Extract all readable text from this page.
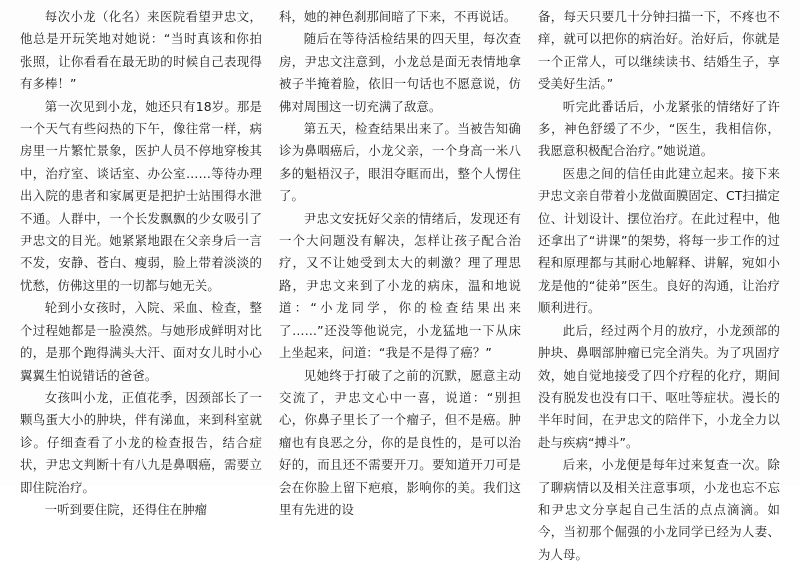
每次小龙（化名）来医院看望尹忠文，他总是开玩笑地对她说：“当时真该和你拍张照，让你看看在最无助的时候自己表现得有多棒！”

第一次见到小龙，她还只有18岁。那是一个天气有些闷热的下午，像往常一样，病房里一片繁忙景象，医护人员不停地穿梭其中，治疗室、谈话室、办公室……等待办理出入院的患者和家属更是把护士站围得水泄不通。人群中，一个长发飘飘的少女吸引了尹忠文的目光。她紧紧地跟在父亲身后一言不发，安静、苍白、瘦弱，脸上带着淡淡的忧愁，仿佛这里的一切都与她无关。

轮到小女孩时，入院、采血、检查，整个过程她都是一脸漠然。与她形成鲜明对比的，是那个跑得满头大汗、面对女儿时小心翼翼生怕说错话的爸爸。

女孩叫小龙，正值花季，因颈部长了一颗鸟蛋大小的肿块，伴有涕血，来到科室就诊。仔细查看了小龙的检查报告，结合症状，尹忠文判断十有八九是鼻咽癌，需要立即住院治疗。

一听到要住院，还得住在肿瘤

科，她的神色刹那间暗了下来，不再说话。

随后在等待活检结果的四天里，每次查房，尹忠文注意到，小龙总是面无表情地拿被子半掩着脸，依旧一句话也不愿意说，仿佛对周围这一切充满了敌意。

第五天，检查结果出来了。当被告知确诊为鼻咽癌后，小龙父亲，一个身高一米八多的魁梧汉子，眼泪夺眶而出，整个人愣住了。

尹忠文安抚好父亲的情绪后，发现还有一个大问题没有解决，怎样让孩子配合治疗，又不让她受到太大的刺激？理了理思路，尹忠文来到了小龙的病床，温和地说道：“小龙同学，你的检查结果出来了……”还没等他说完，小龙猛地一下从床上坐起来，问道：“我是不是得了癌？”

见她终于打破了之前的沉默，愿意主动交流了，尹忠文心中一喜，说道：“别担心，你鼻子里长了一个瘤子，但不是癌。肿瘤也有良恶之分，你的是良性的，是可以治好的，而且还不需要开刀。要知道开刀可是会在你脸上留下疤痕，影响你的美。我们这里有先进的设

备，每天只要几十分钟扫描一下，不疼也不痒，就可以把你的病治好。治好后，你就是一个正常人，可以继续读书、结婚生子，享受美好生活。”

听完此番话后，小龙紧张的情绪好了许多，神色舒缓了不少，“医生，我相信你，我愿意积极配合治疗。”她说道。

医患之间的信任由此建立起来。接下来尹忠文亲自带着小龙做面膜固定、CT扫描定位、计划设计、摆位治疗。在此过程中，他还拿出了“讲课”的架势，将每一步工作的过程和原理都与其耐心地解释、讲解，宛如小龙是他的“徒弟”医生。良好的沟通，让治疗顺利进行。

此后，经过两个月的放疗，小龙颈部的肿块、鼻咽部肿瘤已完全消失。为了巩固疗效，她自觉地接受了四个疗程的化疗，期间没有脱发也没有口干、呕吐等症状。漫长的半年时间，在尹忠文的陪伴下，小龙全力以赴与疾病“搏斗”。

后来，小龙便是每年过来复查一次。除了聊病情以及相关注意事项，小龙也忘不忘和尹忠文分享起自己生活的点点滴滴。如今，当初那个倔强的小龙同学已经为人妻、为人母。
